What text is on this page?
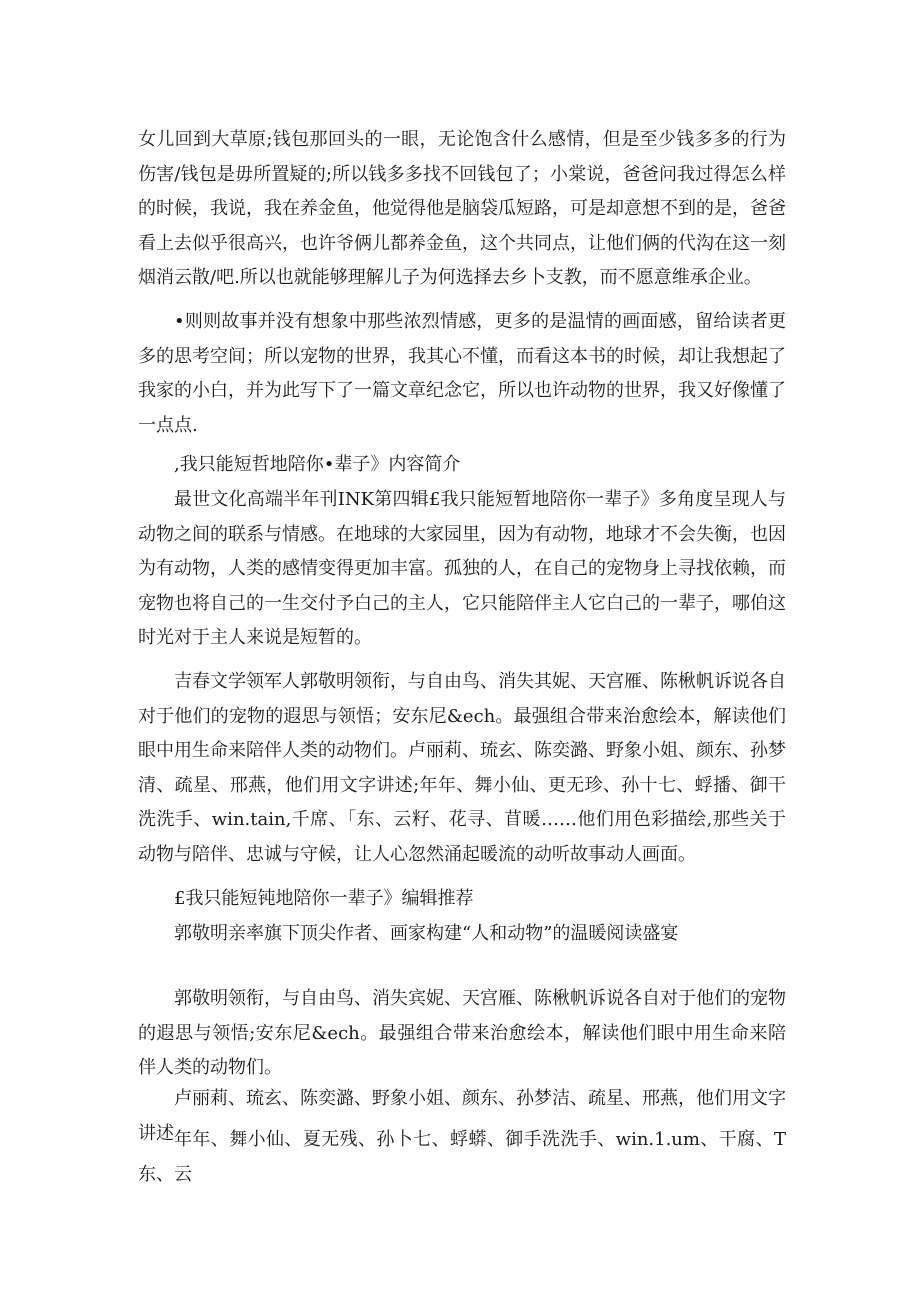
女儿回到大草原;钱包那回头的一眼，无论饱含什么感情，但是至少钱多多的行为伤害/钱包是毋所置疑的;所以钱多多找不回钱包了；小棠说，爸爸问我过得怎么样的时候，我说，我在养金鱼，他觉得他是脑袋瓜短路，可是却意想不到的是，爸爸看上去似乎很高兴，也许爷俩儿都养金鱼，这个共同点，让他们俩的代沟在这一刻烟消云散/吧.所以也就能够理解儿子为何选择去乡卜支教，而不愿意维承企业。

•则则故事并没有想象中那些浓烈情感，更多的是温情的画面感，留给读者更多的思考空间；所以宠物的世界，我其心不懂，而看这本书的时候，却让我想起了我家的小白，并为此写下了一篇文章纪念它，所以也许动物的世界，我又好像懂了一点点.

,我只能短哲地陪你•辈子》内容简介

最世文化高端半年刊INK第四辑£我只能短暂地陪你一辈子》多角度呈现人与动物之间的联系与情感。在地球的大家园里，因为有动物，地球才不会失衡，也因为有动物，人类的感情变得更加丰富。孤独的人，在自己的宠物身上寻找依赖，而宠物也将自己的一生交付予白己的主人，它只能陪伴主人它白己的一辈子，哪伯这时光对于主人来说是短暂的。

吉春文学领军人郭敬明领衔，与自由鸟、消失其妮、天宫雁、陈楸帆诉说各自对于他们的宠物的遐思与领悟；安东尼&ech。最强组合带来治愈绘本，解读他们眼中用生命来陪伴人类的动物们。卢丽莉、琉玄、陈奕潞、野象小姐、颜东、孙梦清、疏星、邢燕，他们用文字讲述;年年、舞小仙、更无珍、孙十七、蜉播、御干洗洗手、win.tain,千席、「东、云籽、花寻、苜暖……他们用色彩描绘,那些关于动物与陪伴、忠诚与守候，让人心忽然涌起暖流的动听故事动人画面。

£我只能短钝地陪你一辈子》编辑推荐

郭敬明亲率旗下顶尖作者、画家构建“人和动物”的温暖阅读盛宴

郭敬明领衔，与自由鸟、消失宾妮、天宫雁、陈楸帆诉说各自对于他们的宠物的遐思与领悟;安东尼&ech。最强组合带来治愈绘本，解读他们眼中用生命来陪伴人类的动物们。

卢丽莉、琉玄、陈奕潞、野象小姐、颜东、孙梦洁、疏星、邢燕，他们用文字讲述 年年、舞小仙、夏无残、孙卜七、蜉蟒、御手洗洗手、win.1.um、干腐、T东、云
